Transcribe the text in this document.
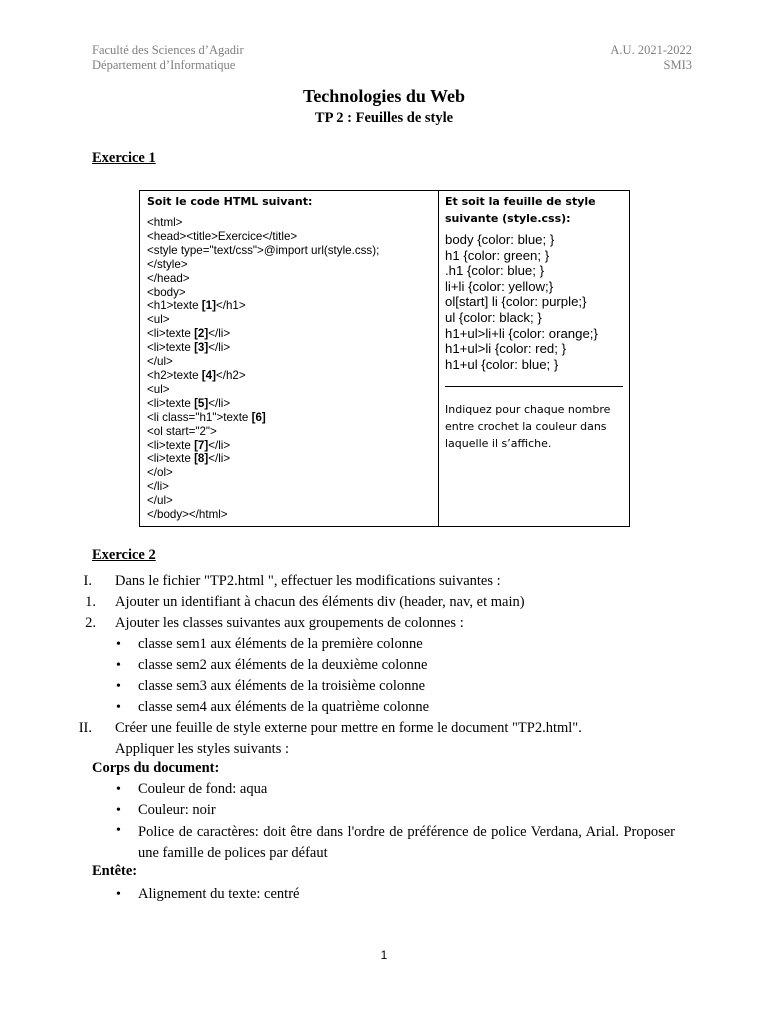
Faculté des Sciences d’Agadir
Département d’Informatique
A.U. 2021-2022
SMI3
Technologies du Web
TP 2 : Feuilles de style
Exercice 1
Soit le code HTML suivant:
<html>
<head><title>Exercice</title>
<style type="text/css">@import url(style.css);
</style>
</head>
<body>
<h1>texte [1]</h1>
<ul>
<li>texte [2]</li>
<li>texte [3]</li>
</ul>
<h2>texte [4]</h2>
<ul>
<li>texte [5]</li>
<li class="h1">texte [6]
<ol start="2">
<li>texte [7]</li>
<li>texte [8]</li>
</ol>
</li>
</ul>
</body></html>

Et soit la feuille de style
suivante (style.css):
body {color: blue; }
h1 {color: green; }
.h1 {color: blue; }
li+li {color: yellow;}
ol[start] li {color: purple;}
ul {color: black; }
h1+ul>li+li {color: orange;}
h1+ul>li {color: red; }
h1+ul {color: blue; }
Indiquez pour chaque nombre
entre crochet la couleur dans
laquelle il s’affiche.
Exercice 2
I. Dans le fichier "TP2.html ", effectuer les modifications suivantes :
1. Ajouter un identifiant à chacun des éléments div (header, nav, et main)
2. Ajouter les classes suivantes aux groupements de colonnes :
• classe sem1 aux éléments de la première colonne
• classe sem2 aux éléments de la deuxième colonne
• classe sem3 aux éléments de la troisième colonne
• classe sem4 aux éléments de la quatrième colonne
II. Créer une feuille de style externe pour mettre en forme le document "TP2.html".
Appliquer les styles suivants :
Corps du document:
• Couleur de fond: aqua
• Couleur: noir
• Police de caractères: doit être dans l'ordre de préférence de police Verdana, Arial. Proposer une famille de polices par défaut
Entête:
• Alignement du texte: centré
1
